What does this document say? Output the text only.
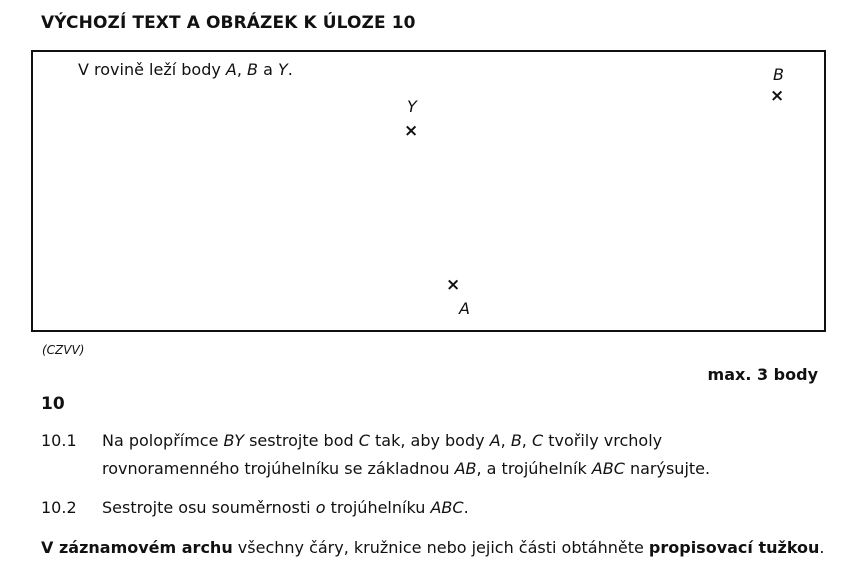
VÝCHOZÍ TEXT A OBRÁZEK K ÚLOZE 10
V rovině leží body A, B a Y.	B
×
Y
×
×
A
(CZVV)
max. 3 body
10
10.1	Na polopřímce BY sestrojte bod C tak, aby body A, B, C tvořily vrcholy
rovnoramenného trojúhelníku se základnou AB, a trojúhelník ABC narýsujte.
10.2	Sestrojte osu souměrnosti o trojúhelníku ABC.
V záznamovém archu všechny čáry, kružnice nebo jejich části obtáhněte propisovací tužkou.
